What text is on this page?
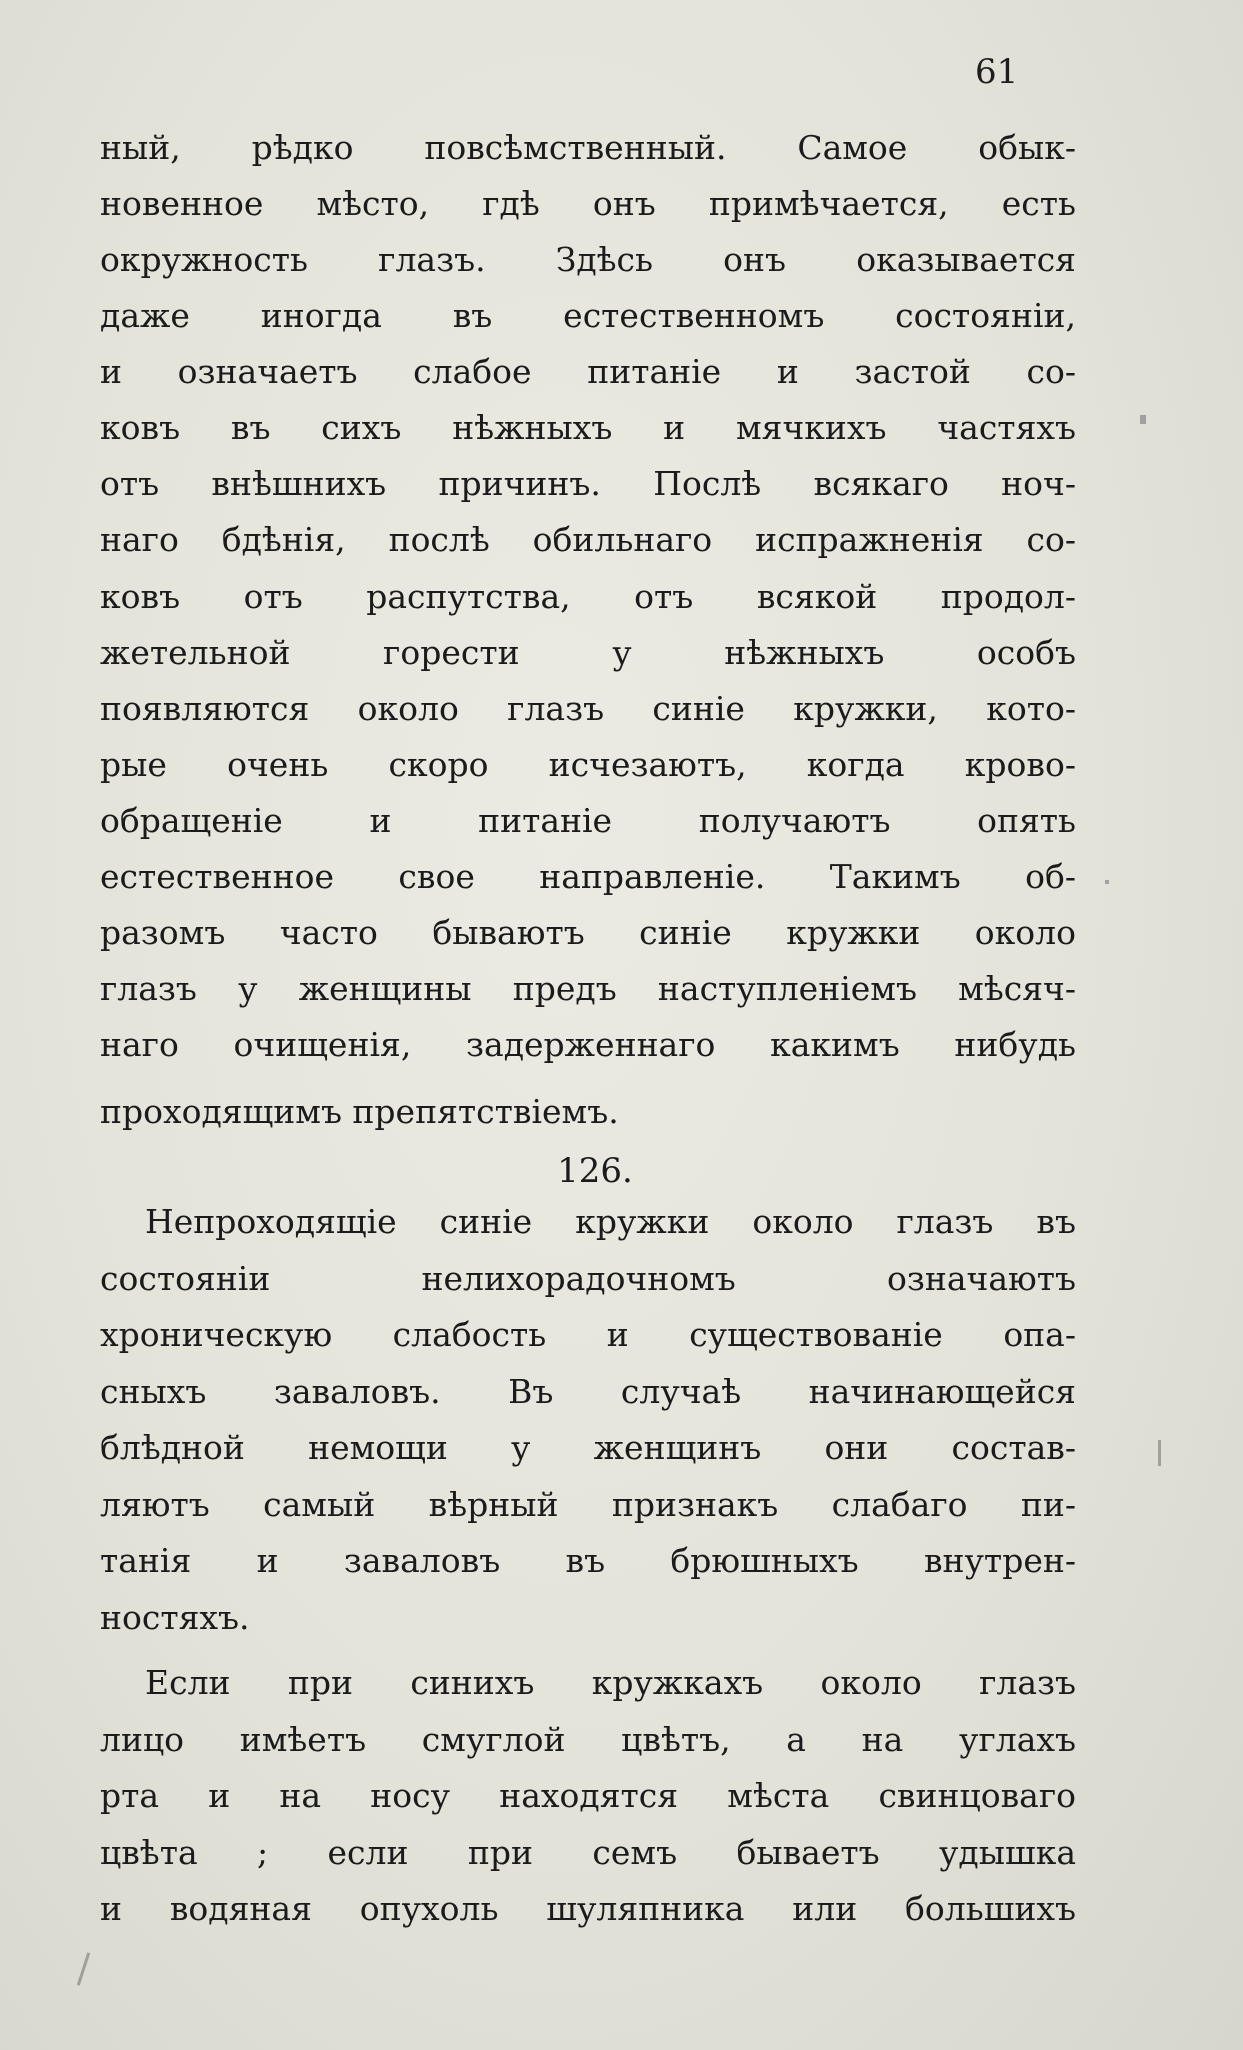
61
ный, рѣдко повсѣмственный. Самое обык-
новенное мѣсто, гдѣ онъ примѣчается, есть
окружность глазъ. Здѣсь онъ оказывается
даже иногда въ естественномъ состояніи,
и означаетъ слабое питаніе и застой со-
ковъ въ сихъ нѣжныхъ и мячкихъ частяхъ
отъ внѣшнихъ причинъ. Послѣ всякаго ноч-
наго бдѣнія, послѣ обильнаго испражненія со-
ковъ отъ распутства, отъ всякой продол-
жетельной горести у нѣжныхъ особъ
появляются около глазъ синіе кружки, кото-
рые очень скоро исчезаютъ, когда крово-
обращеніе и питаніе получаютъ опять
естественное свое направленіе. Такимъ об-
разомъ часто бываютъ синіе кружки около
глазъ у женщины предъ наступленіемъ мѣсяч-
наго очищенія, задерженнаго какимъ нибудь
проходящимъ препятствіемъ.
126.
Непроходящіе синіе кружки около глазъ въ
состояніи нелихорадочномъ означаютъ
хроническую слабость и существованіе опа-
сныхъ заваловъ. Въ случаѣ начинающейся
блѣдной немощи у женщинъ они состав-
ляютъ самый вѣрный признакъ слабаго пи-
танія и заваловъ въ брюшныхъ внутрен-
ностяхъ.
Если при синихъ кружкахъ около глазъ
лицо имѣетъ смуглой цвѣтъ, а на углахъ
рта и на носу находятся мѣста свинцоваго
цвѣта ; если при семъ бываетъ удышка
и водяная опухоль шуляпника или большихъ
